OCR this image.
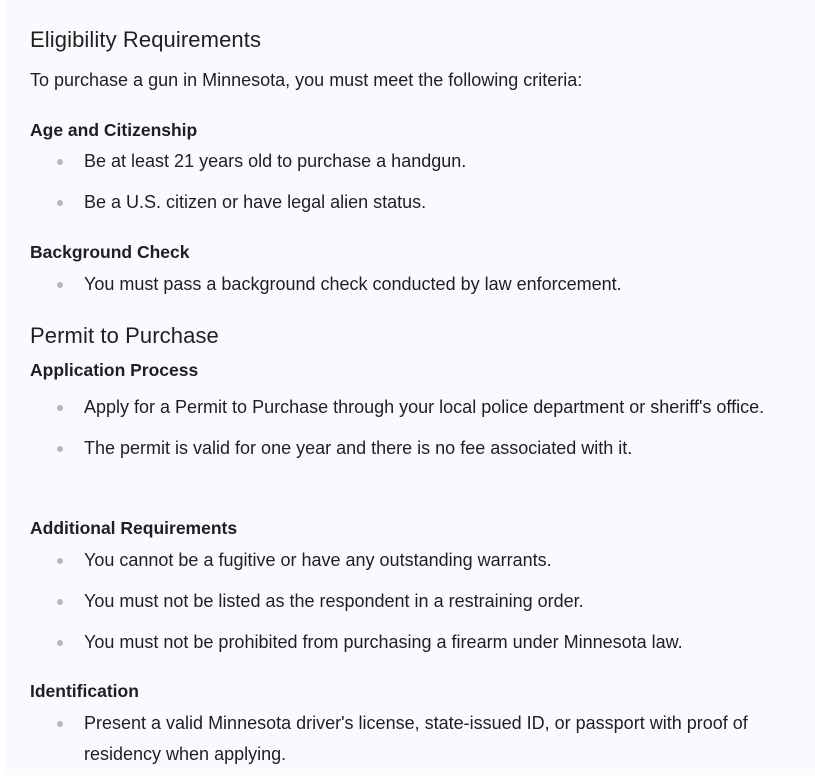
Eligibility Requirements

To purchase a gun in Minnesota, you must meet the following criteria:

Age and Citizenship
Be at least 21 years old to purchase a handgun.
Be a U.S. citizen or have legal alien status.
Background Check
You must pass a background check conducted by law enforcement.
Permit to Purchase
Application Process
Apply for a Permit to Purchase through your local police department or sheriff's office.
The permit is valid for one year and there is no fee associated with it.
Additional Requirements
You cannot be a fugitive or have any outstanding warrants.
You must not be listed as the respondent in a restraining order.
You must not be prohibited from purchasing a firearm under Minnesota law.
Identification
Present a valid Minnesota driver's license, state-issued ID, or passport with proof of residency when applying.
